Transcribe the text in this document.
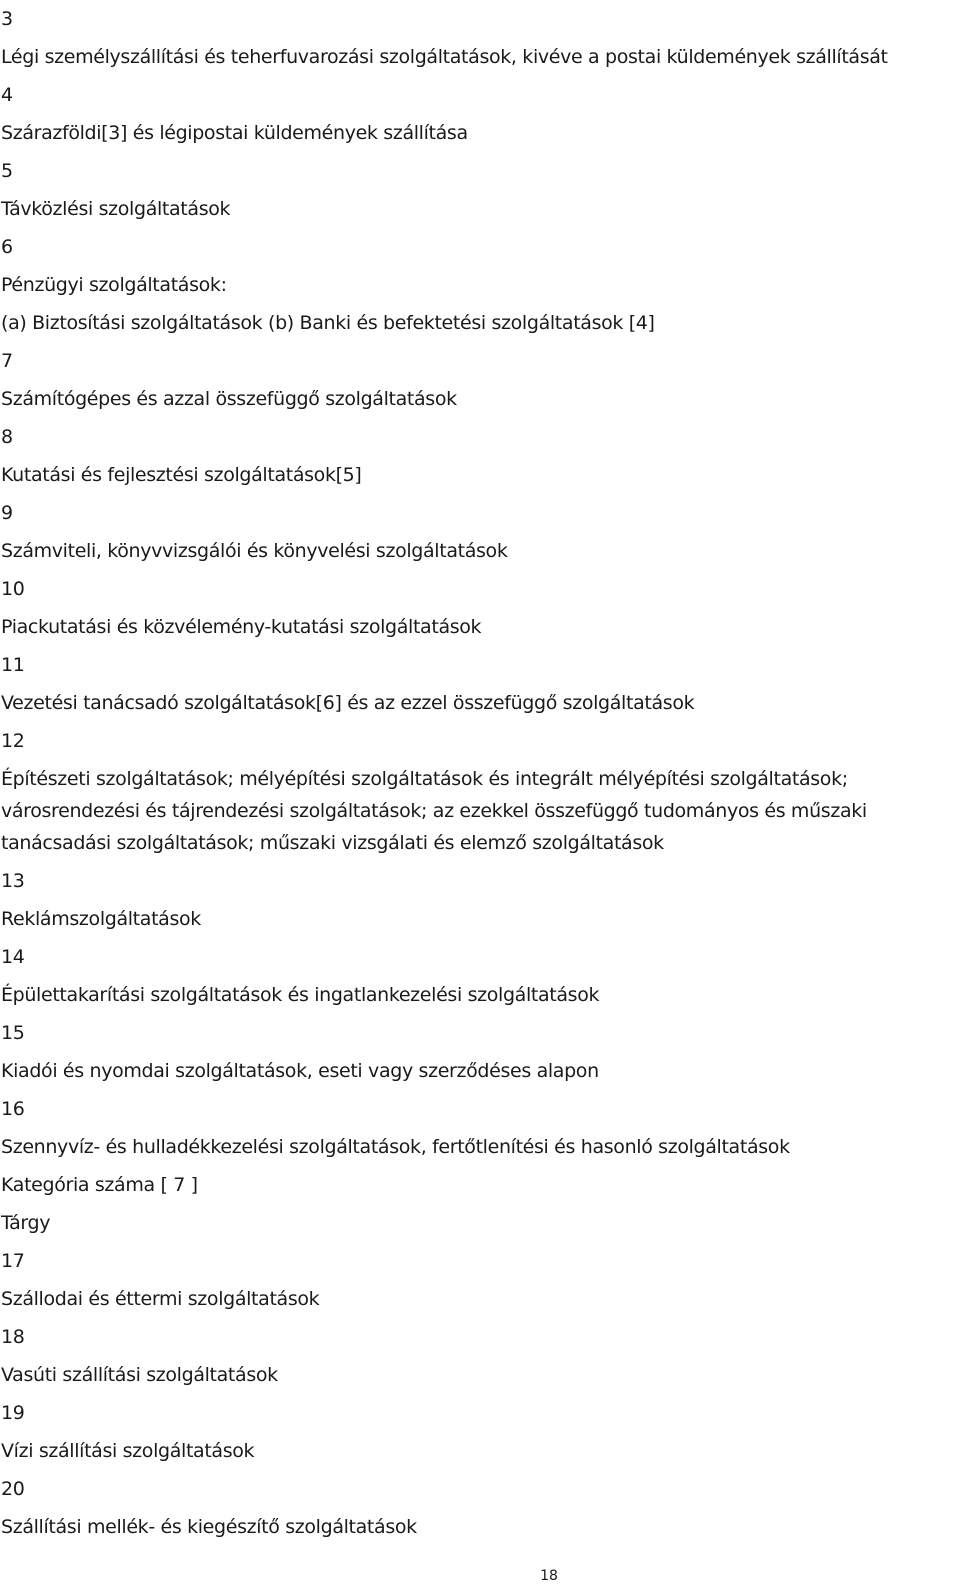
3
Légi személyszállítási és teherfuvarozási szolgáltatások, kivéve a postai küldemények szállítását
4
Szárazföldi[3] és légipostai küldemények szállítása
5
Távközlési szolgáltatások
6
Pénzügyi szolgáltatások:
(a) Biztosítási szolgáltatások (b) Banki és befektetési szolgáltatások [4]
7
Számítógépes és azzal összefüggő szolgáltatások
8
Kutatási és fejlesztési szolgáltatások[5]
9
Számviteli, könyvvizsgálói és könyvelési szolgáltatások
10
Piackutatási és közvélemény-kutatási szolgáltatások
11
Vezetési tanácsadó szolgáltatások[6] és az ezzel összefüggő szolgáltatások
12
Építészeti szolgáltatások; mélyépítési szolgáltatások és integrált mélyépítési szolgáltatások;
városrendezési és tájrendezési szolgáltatások; az ezekkel összefüggő tudományos és műszaki
tanácsadási szolgáltatások; műszaki vizsgálati és elemző szolgáltatások
13
Reklámszolgáltatások
14
Épülettakarítási szolgáltatások és ingatlankezelési szolgáltatások
15
Kiadói és nyomdai szolgáltatások, eseti vagy szerződéses alapon
16
Szennyvíz- és hulladékkezelési szolgáltatások, fertőtlenítési és hasonló szolgáltatások
Kategória száma [ 7 ]
Tárgy
17
Szállodai és éttermi szolgáltatások
18
Vasúti szállítási szolgáltatások
19
Vízi szállítási szolgáltatások
20
Szállítási mellék- és kiegészítő szolgáltatások
18
